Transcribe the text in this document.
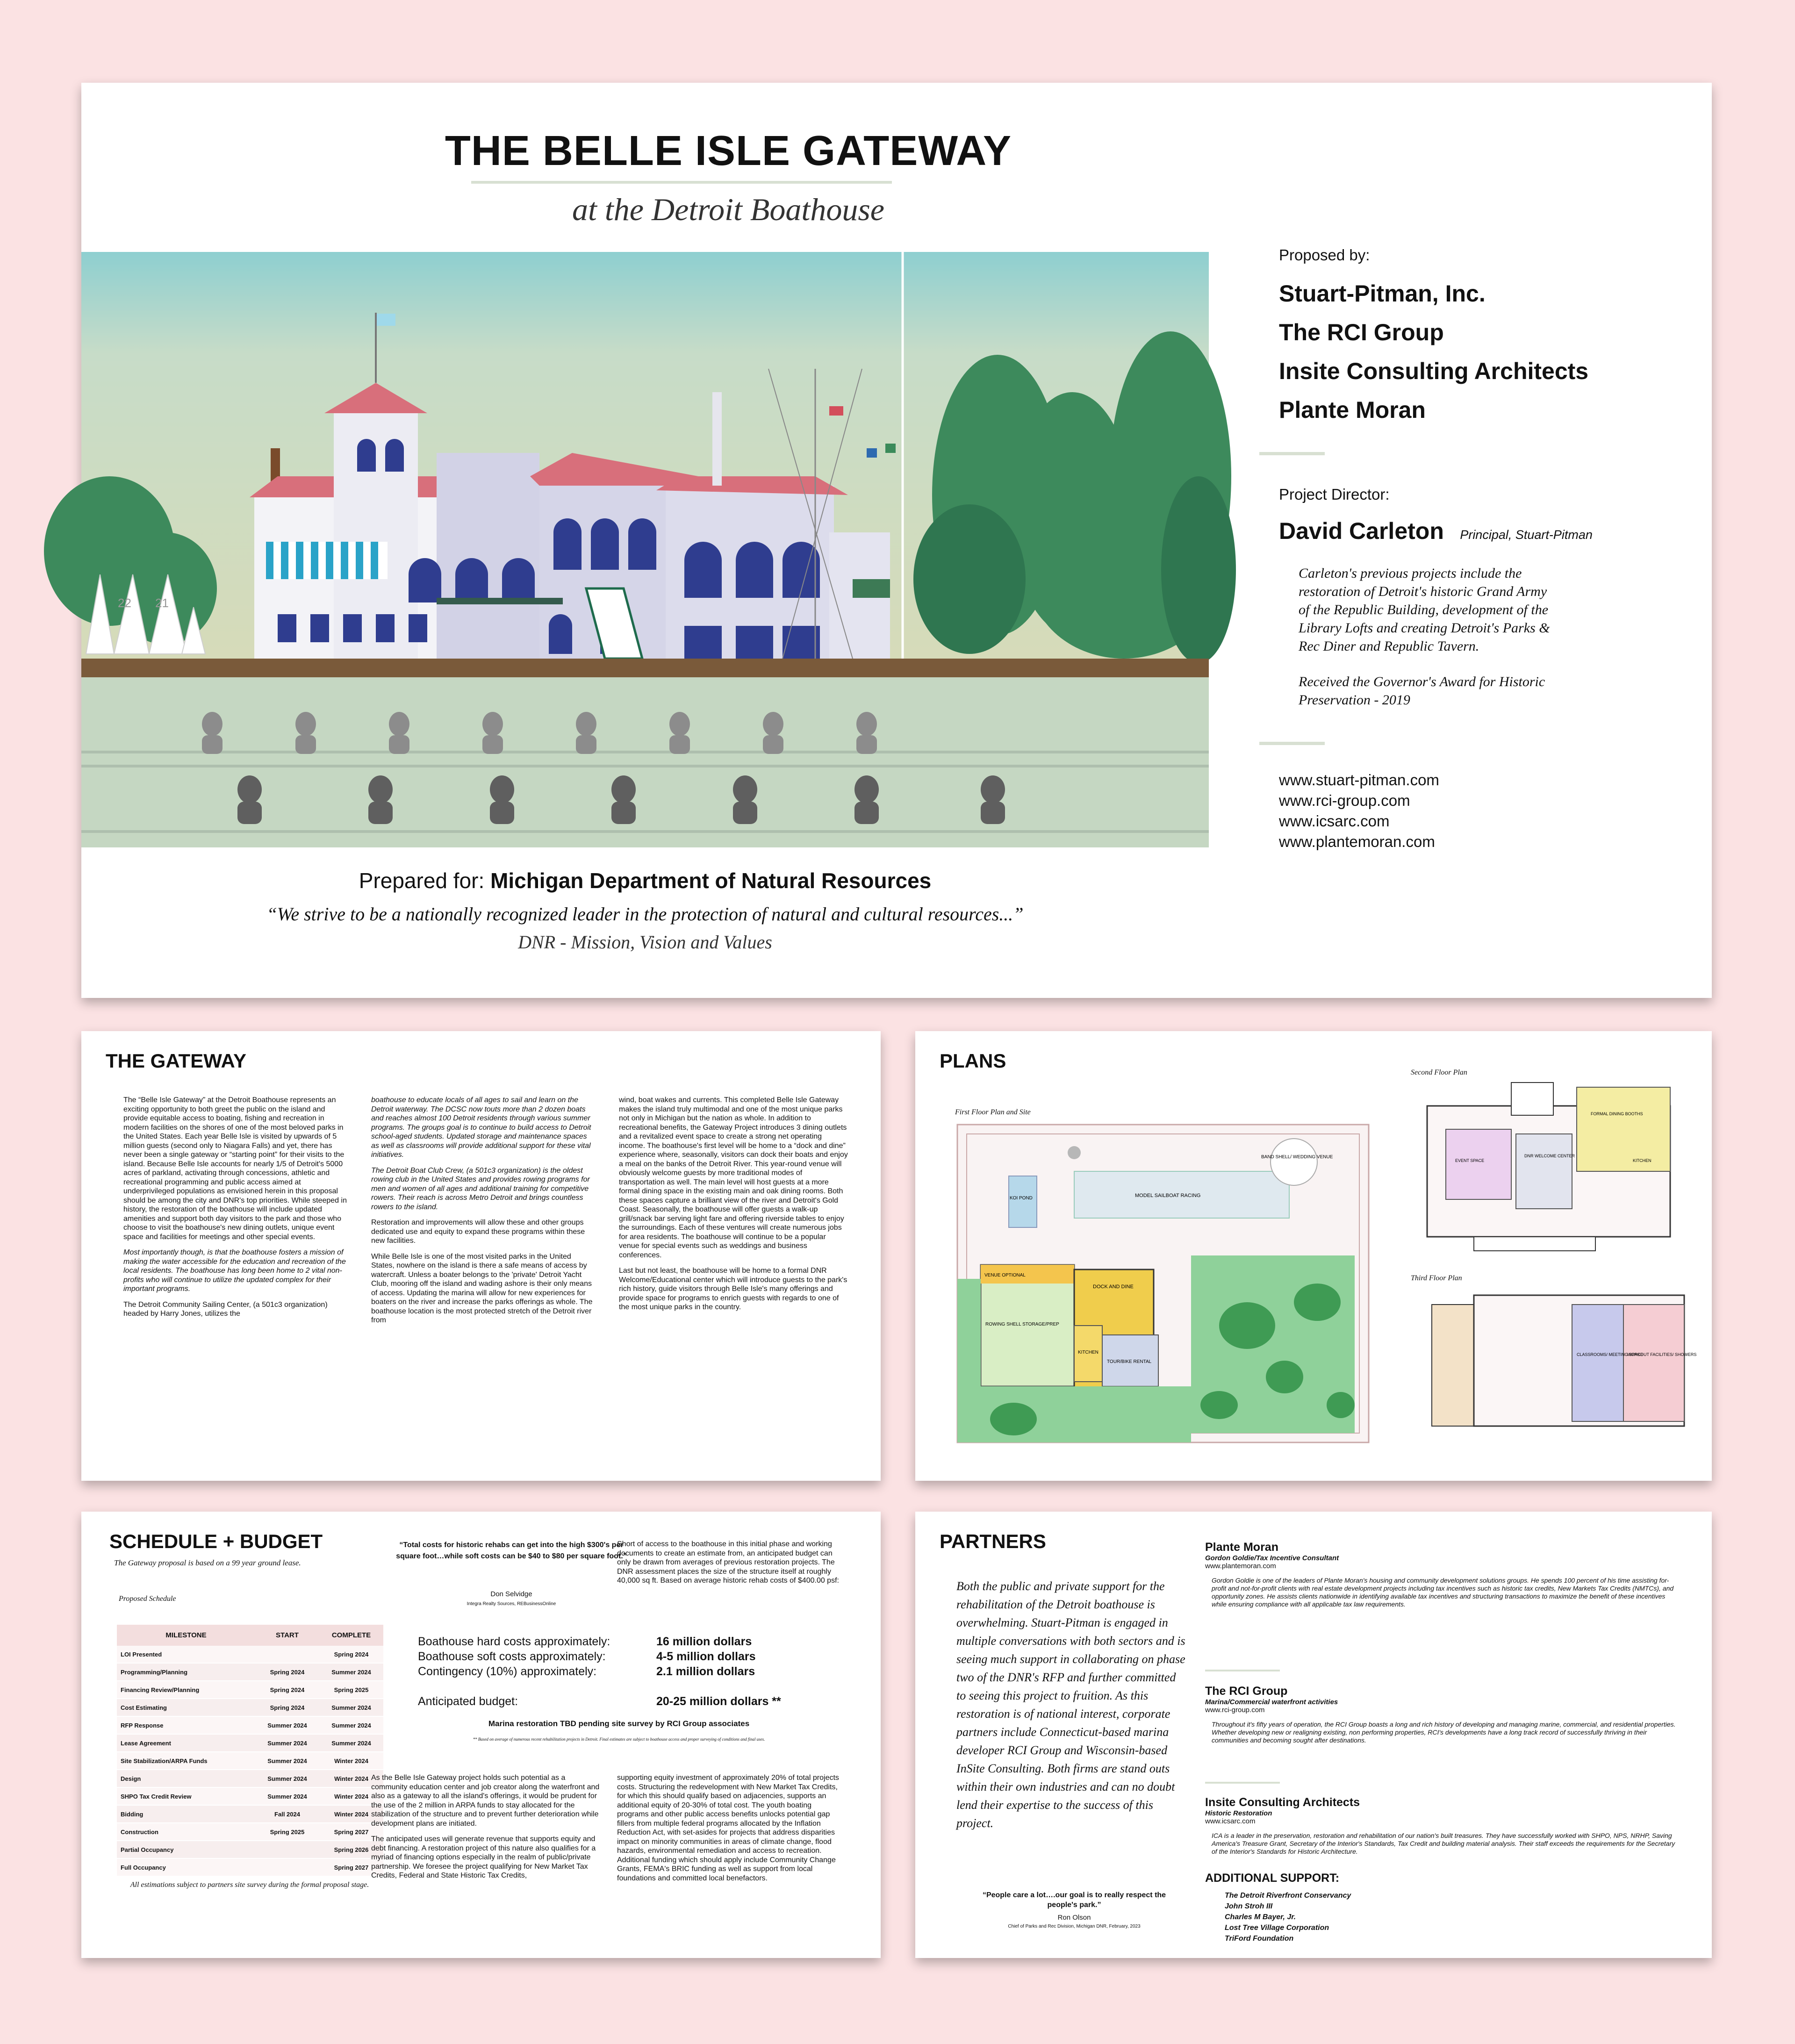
THE BELLE ISLE GATEWAY
at the Detroit Boathouse
22 21
Prepared for: Michigan Department of Natural Resources
“We strive to be a nationally recognized leader in the protection of natural and cultural resources...”
DNR - Mission, Vision and Values
Proposed by:
Stuart-Pitman, Inc.
The RCI Group
Insite Consulting Architects
Plante Moran
Project Director:
David Carleton Principal, Stuart-Pitman
Carleton's previous projects include the
restoration of Detroit's historic Grand Army
of the Republic Building, development of the
Library Lofts and creating Detroit's Parks &
Rec Diner and Republic Tavern.
Received the Governor's Award for Historic
Preservation - 2019
www.stuart-pitman.com
www.rci-group.com
www.icsarc.com
www.plantemoran.com
THE GATEWAY

The “Belle Isle Gateway” at the Detroit Boathouse represents an exciting opportunity to both greet the public on the island and provide equitable access to boating, fishing and recreation in modern facilities on the shores of one of the most beloved parks in the United States. Each year Belle Isle is visited by upwards of 5 million guests (second only to Niagara Falls) and yet, there has never been a single gateway or “starting point” for their visits to the island. Because Belle Isle accounts for nearly 1/5 of Detroit's 5000 acres of parkland, activating through concessions, athletic and recreational programming and public access aimed at underprivileged populations as envisioned herein in this proposal should be among the city and DNR's top priorities. While steeped in history, the restoration of the boathouse will include updated amenities and support both day visitors to the park and those who choose to visit the boathouse's new dining outlets, unique event space and facilities for meetings and other special events.

Most importantly though, is that the boathouse fosters a mission of making the water accessible for the education and recreation of the local residents. The boathouse has long been home to 2 vital non-profits who will continue to utilize the updated complex for their important programs.

The Detroit Community Sailing Center, (a 501c3 organization) headed by Harry Jones, utilizes the

boathouse to educate locals of all ages to sail and learn on the Detroit waterway. The DCSC now touts more than 2 dozen boats and reaches almost 100 Detroit residents through various summer programs. The groups goal is to continue to build access to Detroit school-aged students. Updated storage and maintenance spaces as well as classrooms will provide additional support for these vital initiatives.

The Detroit Boat Club Crew, (a 501c3 organization) is the oldest rowing club in the United States and provides rowing programs for men and women of all ages and additional training for competitive rowers. Their reach is across Metro Detroit and brings countless rowers to the island.

Restoration and improvements will allow these and other groups dedicated use and equity to expand these programs within these new facilities.

While Belle Isle is one of the most visited parks in the United States, nowhere on the island is there a safe means of access by watercraft. Unless a boater belongs to the 'private' Detroit Yacht Club, mooring off the island and wading ashore is their only means of access. Updating the marina will allow for new experiences for boaters on the river and increase the parks offerings as whole. The boathouse location is the most protected stretch of the Detroit river from

wind, boat wakes and currents. This completed Belle Isle Gateway makes the island truly multimodal and one of the most unique parks not only in Michigan but the nation as whole. In addition to recreational benefits, the Gateway Project introduces 3 dining outlets and a revitalized event space to create a strong net operating income. The boathouse's first level will be home to a “dock and dine” experience where, seasonally, visitors can dock their boats and enjoy a meal on the banks of the Detroit River. This year-round venue will obviously welcome guests by more traditional modes of transportation as well. The main level will host guests at a more formal dining space in the existing main and oak dining rooms. Both these spaces capture a brilliant view of the river and Detroit's Gold Coast. Seasonally, the boathouse will offer guests a walk-up grill/snack bar serving light fare and offering riverside tables to enjoy the surroundings. Each of these ventures will create numerous jobs for area residents. The boathouse will continue to be a popular venue for special events such as weddings and business conferences.

Last but not least, the boathouse will be home to a formal DNR Welcome/Educational center which will introduce guests to the park's rich history, guide visitors through Belle Isle's many offerings and provide space for programs to enrich guests with regards to one of the most unique parks in the country.

PLANS
First Floor Plan and Site
Second Floor Plan
Third Floor Plan
BAND SHELL/ WEDDING VENUE
KOI POND	MODEL SAILBOAT RACING
VENUE OPTIONAL
DOCK AND DINE
KITCHEN
ROWING SHELL STORAGE/PREP
TOUR/BIKE RENTAL
EVENT SPACE
DNR WELCOME CENTER
FORMAL DINING BOOTHS
KITCHEN
CLASSROOMS/ MEETING SPACE
WORKOUT FACILITIES/ SHOWERS
SCHEDULE + BUDGET
The Gateway proposal is based on a 99 year ground lease.
Proposed Schedule
MILESTONE	START	COMPLETE
LOI Presented		Spring 2024
Programming/Planning	Spring 2024	Summer 2024
Financing Review/Planning	Spring 2024	Spring 2025
Cost Estimating	Spring 2024	Summer 2024
RFP Response	Summer 2024	Summer 2024
Lease Agreement	Summer 2024	Summer 2024
Site Stabilization/ARPA Funds	Summer 2024	Winter 2024
Design	Summer 2024	Winter 2024
SHPO Tax Credit Review	Summer 2024	Winter 2024
Bidding	Fall 2024	Winter 2024
Construction	Spring 2025	Spring 2027
Partial Occupancy		Spring 2026
Full Occupancy		Spring 2027
All estimations subject to partners site survey during the formal proposal stage.
“Total costs for historic rehabs can get into the high $300's per square foot…while soft costs can be $40 to $80 per square foot.”
Don Selvidge
Integra Realty Sources, REBusinessOnline
Short of access to the boathouse in this initial phase and working documents to create an estimate from, an anticipated budget can only be drawn from averages of previous restoration projects. The DNR assessment places the size of the structure itself at roughly 40,000 sq ft. Based on average historic rehab costs of $400.00 psf:
Boathouse hard costs approximately:	16 million dollars
Boathouse soft costs approximately:	4-5 million dollars
Contingency (10%) approximately:	2.1 million dollars
Anticipated budget:	20-25 million dollars **
Marina restoration TBD pending site survey by RCI Group associates
** Based on average of numerous recent rehabilitation projects in Detroit. Final estimates are subject to boathouse access and proper surveying of conditions and final uses.

As the Belle Isle Gateway project holds such potential as a community education center and job creator along the waterfront and also as a gateway to all the island's offerings, it would be prudent for the use of the 2 million in ARPA funds to stay allocated for the stabilization of the structure and to prevent further deterioration while development plans are initiated.

The anticipated uses will generate revenue that supports equity and debt financing. A restoration project of this nature also qualifies for a myriad of financing options especially in the realm of public/private partnership. We foresee the project qualifying for New Market Tax Credits, Federal and State Historic Tax Credits,

supporting equity investment of approximately 20% of total projects costs. Structuring the redevelopment with New Market Tax Credits, for which this should qualify based on adjacencies, supports an additional equity of 20-30% of total cost. The youth boating programs and other public access benefits unlocks potential gap fillers from multiple federal programs allocated by the Inflation Reduction Act, with set-asides for projects that address disparities impact on minority communities in areas of climate change, flood hazards, environmental remediation and access to recreation. Additional funding which should apply include Community Change Grants, FEMA's BRIC funding as well as support from local foundations and committed local benefactors.

PARTNERS
Both the public and private support for the rehabilitation of the Detroit boathouse is overwhelming. Stuart-Pitman is engaged in multiple conversations with both sectors and is seeing much support in collaborating on phase two of the DNR's RFP and further committed to seeing this project to fruition. As this restoration is of national interest, corporate partners include Connecticut-based marina developer RCI Group and Wisconsin-based InSite Consulting. Both firms are stand outs within their own industries and can no doubt lend their expertise to the success of this project.
“People care a lot….our goal is to really respect the people's park.”
Ron Olson
Chief of Parks and Rec Division, Michigan DNR, February, 2023
Plante Moran
Gordon Goldie/Tax Incentive Consultant
www.plantemoran.com
Gordon Goldie is one of the leaders of Plante Moran's housing and community development solutions groups. He spends 100 percent of his time assisting for-profit and not-for-profit clients with real estate development projects including tax incentives such as historic tax credits, New Markets Tax Credits (NMTCs), and opportunity zones. He assists clients nationwide in identifying available tax incentives and structuring transactions to maximize the benefit of these incentives while ensuring compliance with all applicable tax law requirements.
The RCI Group
Marina/Commercial waterfront activities
www.rci-group.com
Throughout it's fifty years of operation, the RCI Group boasts a long and rich history of developing and managing marine, commercial, and residential properties. Whether developing new or realigning existing, non performing properties, RCI's developments have a long track record of successfully thriving in their communities and becoming sought after destinations.
Insite Consulting Architects
Historic Restoration
www.icsarc.com
ICA is a leader in the preservation, restoration and rehabilitation of our nation's built treasures. They have successfully worked with SHPO, NPS, NRHP, Saving America's Treasure Grant, Secretary of the Interior's Standards, Tax Credit and building material analysis. Their staff exceeds the requirements for the Secretary of the Interior's Standards for Historic Architecture.
ADDITIONAL SUPPORT:
The Detroit Riverfront Conservancy
John Stroh III
Charles M Bayer, Jr.
Lost Tree Village Corporation
TriFord Foundation
